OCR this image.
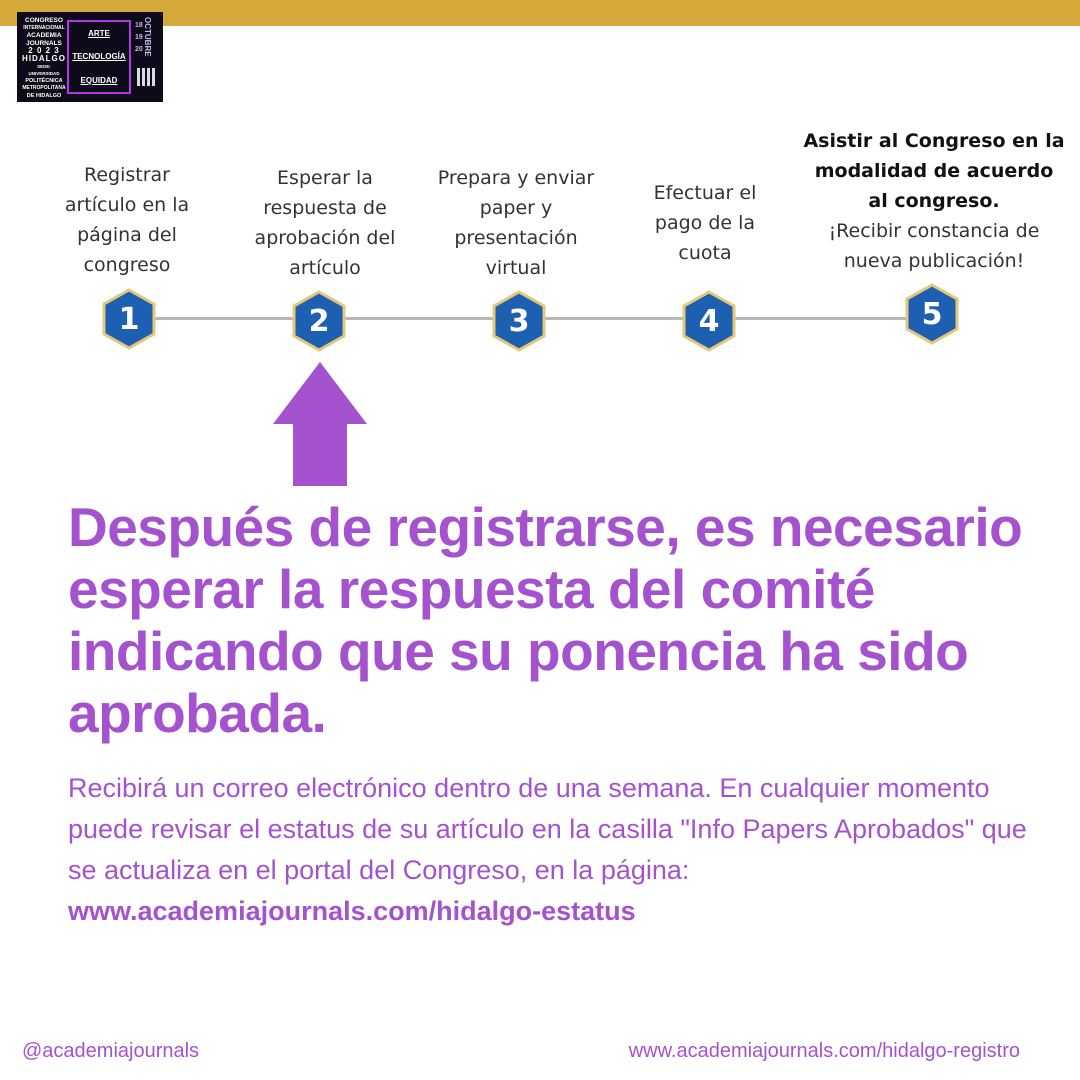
CONGRESO
INTERNACIONAL
ACADEMIA
JOURNALS
2 0 2 3
HIDALGO
SEDE: UNIVERSIDAD
POLITÉCNICA
METROPOLITANA
DE HIDALGO
ARTE
TECNOLOGÍA
EQUIDAD
18
19
20 OCTUBRE
Registrar
artículo en la
página del
congreso
Esperar la
respuesta de
aprobación del
artículo
Prepara y enviar
paper y
presentación
virtual
Efectuar el
pago de la
cuota
Asistir al Congreso en la
modalidad de acuerdo
al congreso.
¡Recibir constancia de
nueva publicación!
1	2	3	4	5
Después de registrarse, es necesario esperar la respuesta del comité indicando que su ponencia ha sido aprobada.
Recibirá un correo electrónico dentro de una semana. En cualquier momento puede revisar el estatus de su artículo en la casilla "Info Papers Aprobados" que se actualiza en el portal del Congreso, en la página: www.academiajournals.com/hidalgo-estatus
@academiajournals	www.academiajournals.com/hidalgo-registro
